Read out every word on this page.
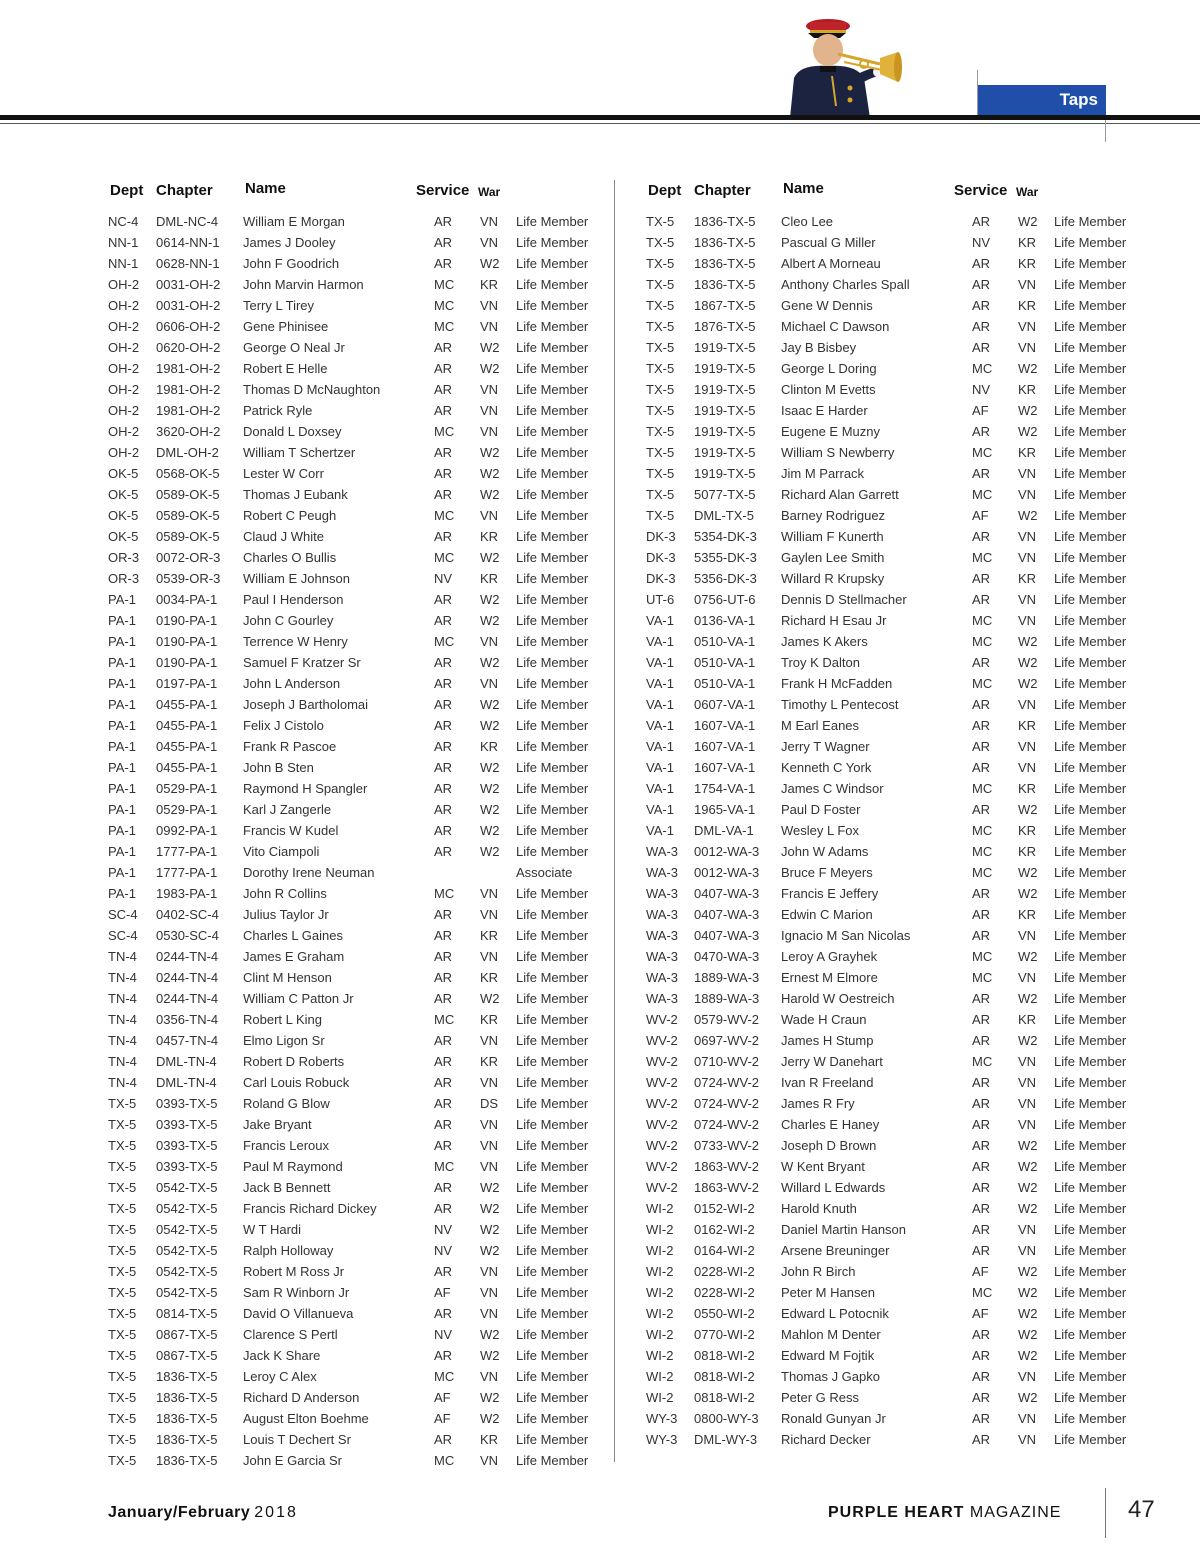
Taps
Dept Chapter Name	Service War
NC-4 DML-NC-4 William E Morgan	AR VN Life Member
NN-1 0614-NN-1 James J Dooley	AR VN Life Member
NN-1 0628-NN-1 John F Goodrich	AR W2 Life Member
OH-2 0031-OH-2 John Marvin Harmon	MC KR Life Member
OH-2 0031-OH-2 Terry L Tirey	MC VN Life Member
OH-2 0606-OH-2 Gene Phinisee	MC VN Life Member
OH-2 0620-OH-2 George O Neal Jr	AR W2 Life Member
OH-2 1981-OH-2 Robert E Helle	AR W2 Life Member
OH-2 1981-OH-2 Thomas D McNaughton	AR VN Life Member
OH-2 1981-OH-2 Patrick Ryle	AR VN Life Member
OH-2 3620-OH-2 Donald L Doxsey	MC VN Life Member
OH-2 DML-OH-2 William T Schertzer	AR W2 Life Member
OK-5 0568-OK-5 Lester W Corr	AR W2 Life Member
OK-5 0589-OK-5 Thomas J Eubank	AR W2 Life Member
OK-5 0589-OK-5 Robert C Peugh	MC VN Life Member
OK-5 0589-OK-5 Claud J White	AR KR Life Member
OR-3 0072-OR-3 Charles O Bullis	MC W2 Life Member
OR-3 0539-OR-3 William E Johnson	NV KR Life Member
PA-1 0034-PA-1 Paul I Henderson	AR W2 Life Member
PA-1 0190-PA-1 John C Gourley	AR W2 Life Member
PA-1 0190-PA-1 Terrence W Henry	MC VN Life Member
PA-1 0190-PA-1 Samuel F Kratzer Sr	AR W2 Life Member
PA-1 0197-PA-1 John L Anderson	AR VN Life Member
PA-1 0455-PA-1 Joseph J Bartholomai	AR W2 Life Member
PA-1 0455-PA-1 Felix J Cistolo	AR W2 Life Member
PA-1 0455-PA-1 Frank R Pascoe	AR KR Life Member
PA-1 0455-PA-1 John B Sten	AR W2 Life Member
PA-1 0529-PA-1 Raymond H Spangler	AR W2 Life Member
PA-1 0529-PA-1 Karl J Zangerle	AR W2 Life Member
PA-1 0992-PA-1 Francis W Kudel	AR W2 Life Member
PA-1 1777-PA-1 Vito Ciampoli	AR W2 Life Member
PA-1 1777-PA-1 Dorothy Irene Neuman	Associate
PA-1 1983-PA-1 John R Collins	MC VN Life Member
SC-4 0402-SC-4 Julius Taylor Jr	AR VN Life Member
SC-4 0530-SC-4 Charles L Gaines	AR KR Life Member
TN-4 0244-TN-4 James E Graham	AR VN Life Member
TN-4 0244-TN-4 Clint M Henson	AR KR Life Member
TN-4 0244-TN-4 William C Patton Jr	AR W2 Life Member
TN-4 0356-TN-4 Robert L King	MC KR Life Member
TN-4 0457-TN-4 Elmo Ligon Sr	AR VN Life Member
TN-4 DML-TN-4 Robert D Roberts	AR KR Life Member
TN-4 DML-TN-4 Carl Louis Robuck	AR VN Life Member
TX-5 0393-TX-5 Roland G Blow	AR DS Life Member
TX-5 0393-TX-5 Jake Bryant	AR VN Life Member
TX-5 0393-TX-5 Francis Leroux	AR VN Life Member
TX-5 0393-TX-5 Paul M Raymond	MC VN Life Member
TX-5 0542-TX-5 Jack B Bennett	AR W2 Life Member
TX-5 0542-TX-5 Francis Richard Dickey	AR W2 Life Member
TX-5 0542-TX-5 W T Hardi	NV W2 Life Member
TX-5 0542-TX-5 Ralph Holloway	NV W2 Life Member
TX-5 0542-TX-5 Robert M Ross Jr	AR VN Life Member
TX-5 0542-TX-5 Sam R Winborn Jr	AF VN Life Member
TX-5 0814-TX-5 David O Villanueva	AR VN Life Member
TX-5 0867-TX-5 Clarence S Pertl	NV W2 Life Member
TX-5 0867-TX-5 Jack K Share	AR W2 Life Member
TX-5 1836-TX-5 Leroy C Alex	MC VN Life Member
TX-5 1836-TX-5 Richard D Anderson	AF W2 Life Member
TX-5 1836-TX-5 August Elton Boehme	AF W2 Life Member
TX-5 1836-TX-5 Louis T Dechert Sr	AR KR Life Member
TX-5 1836-TX-5 John E Garcia Sr	MC VN Life Member
Dept Chapter Name	Service War
TX-5 1836-TX-5 Cleo Lee	AR W2 Life Member
TX-5 1836-TX-5 Pascual G Miller	NV KR Life Member
TX-5 1836-TX-5 Albert A Morneau	AR KR Life Member
TX-5 1836-TX-5 Anthony Charles Spall	AR VN Life Member
TX-5 1867-TX-5 Gene W Dennis	AR KR Life Member
TX-5 1876-TX-5 Michael C Dawson	AR VN Life Member
TX-5 1919-TX-5 Jay B Bisbey	AR VN Life Member
TX-5 1919-TX-5 George L Doring	MC W2 Life Member
TX-5 1919-TX-5 Clinton M Evetts	NV KR Life Member
TX-5 1919-TX-5 Isaac E Harder	AF W2 Life Member
TX-5 1919-TX-5 Eugene E Muzny	AR W2 Life Member
TX-5 1919-TX-5 William S Newberry	MC KR Life Member
TX-5 1919-TX-5 Jim M Parrack	AR VN Life Member
TX-5 5077-TX-5 Richard Alan Garrett	MC VN Life Member
TX-5 DML-TX-5 Barney Rodriguez	AF W2 Life Member
DK-3 5354-DK-3 William F Kunerth	AR VN Life Member
DK-3 5355-DK-3 Gaylen Lee Smith	MC VN Life Member
DK-3 5356-DK-3 Willard R Krupsky	AR KR Life Member
UT-6 0756-UT-6 Dennis D Stellmacher	AR VN Life Member
VA-1 0136-VA-1 Richard H Esau Jr	MC VN Life Member
VA-1 0510-VA-1 James K Akers	MC W2 Life Member
VA-1 0510-VA-1 Troy K Dalton	AR W2 Life Member
VA-1 0510-VA-1 Frank H McFadden	MC W2 Life Member
VA-1 0607-VA-1 Timothy L Pentecost	AR VN Life Member
VA-1 1607-VA-1 M Earl Eanes	AR KR Life Member
VA-1 1607-VA-1 Jerry T Wagner	AR VN Life Member
VA-1 1607-VA-1 Kenneth C York	AR VN Life Member
VA-1 1754-VA-1 James C Windsor	MC KR Life Member
VA-1 1965-VA-1 Paul D Foster	AR W2 Life Member
VA-1 DML-VA-1 Wesley L Fox	MC KR Life Member
WA-3 0012-WA-3 John W Adams	MC KR Life Member
WA-3 0012-WA-3 Bruce F Meyers	MC W2 Life Member
WA-3 0407-WA-3 Francis E Jeffery	AR W2 Life Member
WA-3 0407-WA-3 Edwin C Marion	AR KR Life Member
WA-3 0407-WA-3 Ignacio M San Nicolas	AR VN Life Member
WA-3 0470-WA-3 Leroy A Grayhek	MC W2 Life Member
WA-3 1889-WA-3 Ernest M Elmore	MC VN Life Member
WA-3 1889-WA-3 Harold W Oestreich	AR W2 Life Member
WV-2 0579-WV-2 Wade H Craun	AR KR Life Member
WV-2 0697-WV-2 James H Stump	AR W2 Life Member
WV-2 0710-WV-2 Jerry W Danehart	MC VN Life Member
WV-2 0724-WV-2 Ivan R Freeland	AR VN Life Member
WV-2 0724-WV-2 James R Fry	AR VN Life Member
WV-2 0724-WV-2 Charles E Haney	AR VN Life Member
WV-2 0733-WV-2 Joseph D Brown	AR W2 Life Member
WV-2 1863-WV-2 W Kent Bryant	AR W2 Life Member
WV-2 1863-WV-2 Willard L Edwards	AR W2 Life Member
WI-2 0152-WI-2 Harold Knuth	AR W2 Life Member
WI-2 0162-WI-2 Daniel Martin Hanson	AR VN Life Member
WI-2 0164-WI-2 Arsene Breuninger	AR VN Life Member
WI-2 0228-WI-2 John R Birch	AF W2 Life Member
WI-2 0228-WI-2 Peter M Hansen	MC W2 Life Member
WI-2 0550-WI-2 Edward L Potocnik	AF W2 Life Member
WI-2 0770-WI-2 Mahlon M Denter	AR W2 Life Member
WI-2 0818-WI-2 Edward M Fojtik	AR W2 Life Member
WI-2 0818-WI-2 Thomas J Gapko	AR VN Life Member
WI-2 0818-WI-2 Peter G Ress	AR W2 Life Member
WY-3 0800-WY-3 Ronald Gunyan Jr	AR VN Life Member
WY-3 DML-WY-3 Richard Decker	AR VN Life Member
January/February 2018	PURPLE HEART MAGAZINE	47
